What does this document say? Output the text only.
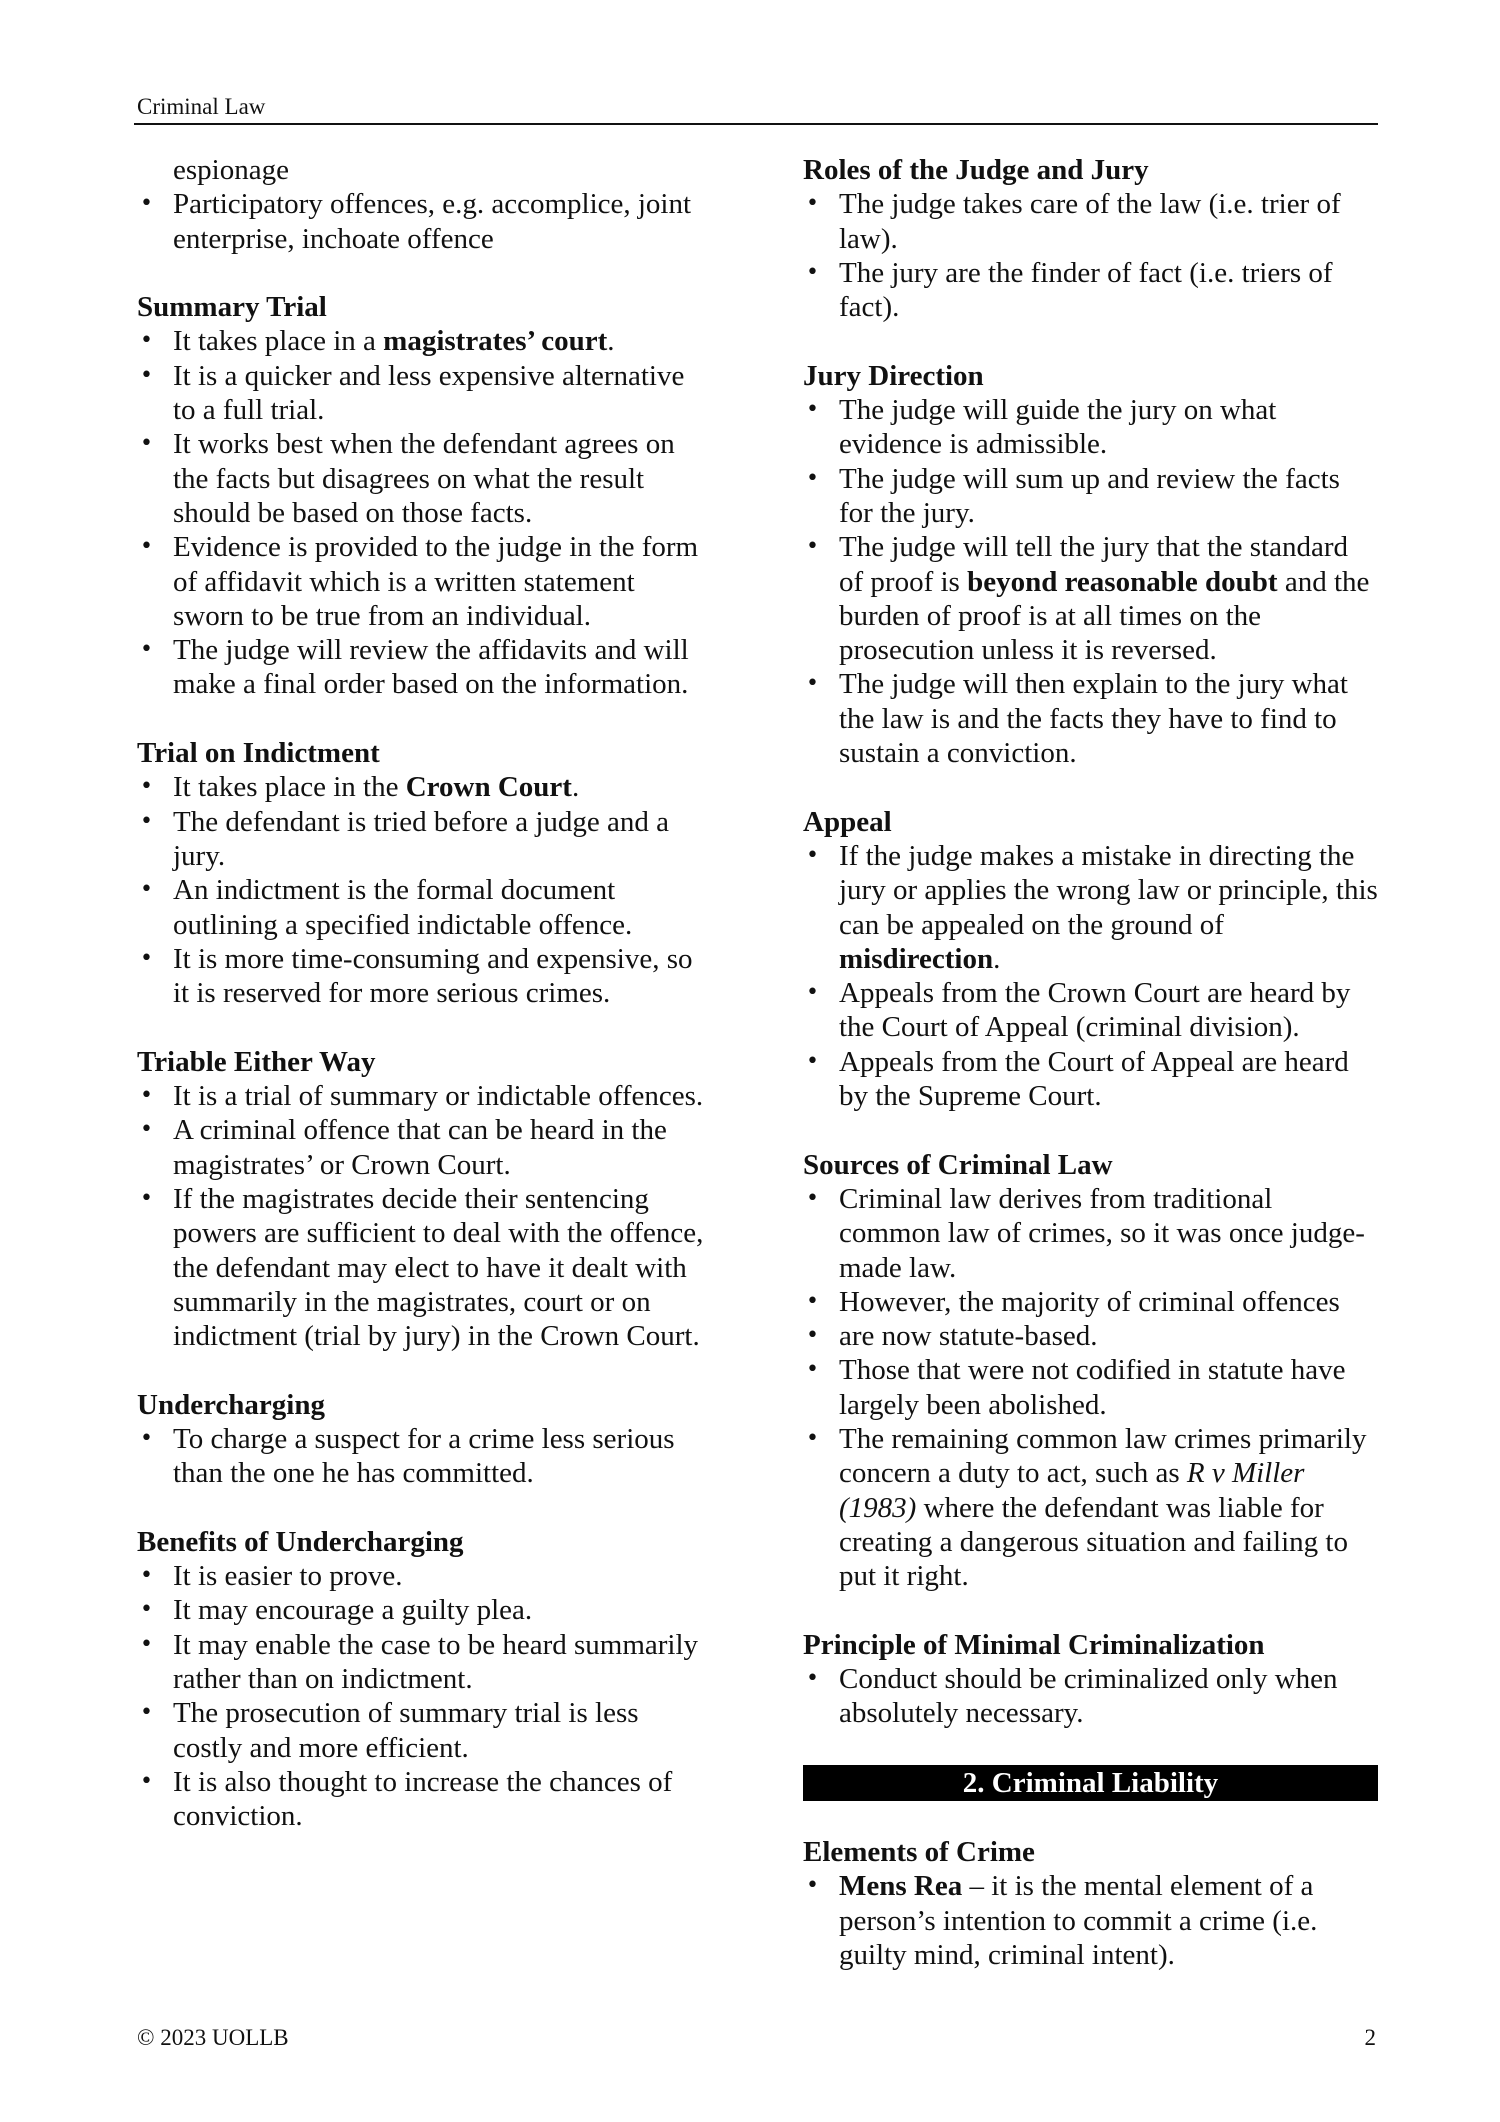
Criminal Law
espionage
• Participatory offences, e.g. accomplice, joint enterprise, inchoate offence

Summary Trial

• It takes place in a magistrates’ court.
• It is a quicker and less expensive alternative to a full trial.
• It works best when the defendant agrees on the facts but disagrees on what the result should be based on those facts.
• Evidence is provided to the judge in the form of affidavit which is a written statement sworn to be true from an individual.
• The judge will review the affidavits and will make a final order based on the information.

Trial on Indictment

• It takes place in the Crown Court.
• The defendant is tried before a judge and a jury.
• An indictment is the formal document outlining a specified indictable offence.
• It is more time-consuming and expensive, so it is reserved for more serious crimes.

Triable Either Way

• It is a trial of summary or indictable offences.
• A criminal offence that can be heard in the magistrates’ or Crown Court.
• If the magistrates decide their sentencing powers are sufficient to deal with the offence, the defendant may elect to have it dealt with summarily in the magistrates, court or on indictment (trial by jury) in the Crown Court.

Undercharging

• To charge a suspect for a crime less serious than the one he has committed.

Benefits of Undercharging

• It is easier to prove.
• It may encourage a guilty plea.
• It may enable the case to be heard summarily rather than on indictment.
• The prosecution of summary trial is less costly and more efficient.
• It is also thought to increase the chances of conviction.

Roles of the Judge and Jury

• The judge takes care of the law (i.e. trier of law).
• The jury are the finder of fact (i.e. triers of fact).

Jury Direction

• The judge will guide the jury on what evidence is admissible.
• The judge will sum up and review the facts for the jury.
• The judge will tell the jury that the standard of proof is beyond reasonable doubt and the burden of proof is at all times on the prosecution unless it is reversed.
• The judge will then explain to the jury what the law is and the facts they have to find to sustain a conviction.

Appeal

• If the judge makes a mistake in directing the jury or applies the wrong law or principle, this can be appealed on the ground of misdirection.
• Appeals from the Crown Court are heard by the Court of Appeal (criminal division).
• Appeals from the Court of Appeal are heard by the Supreme Court.

Sources of Criminal Law

• Criminal law derives from traditional common law of crimes, so it was once judge-made law.
• However, the majority of criminal offences
• are now statute-based.
• Those that were not codified in statute have largely been abolished.
• The remaining common law crimes primarily concern a duty to act, such as R v Miller (1983) where the defendant was liable for creating a dangerous situation and failing to put it right.

Principle of Minimal Criminalization

• Conduct should be criminalized only when absolutely necessary.
2. Criminal Liability

Elements of Crime

• Mens Rea – it is the mental element of a person’s intention to commit a crime (i.e. guilty mind, criminal intent).
© 2023 UOLLB	2
